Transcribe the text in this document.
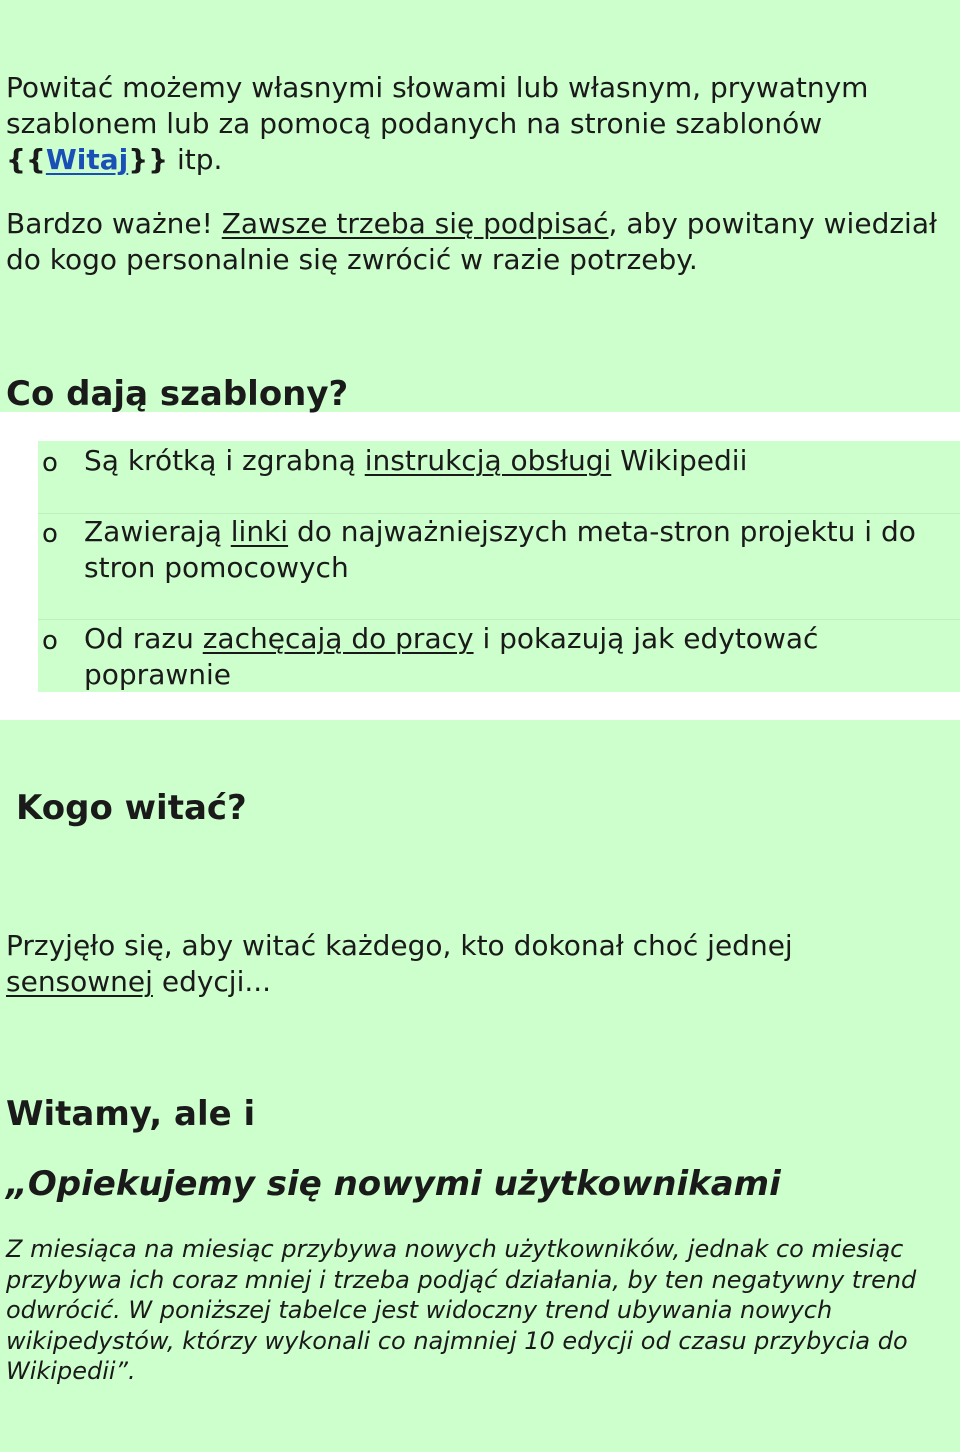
Powitać możemy własnymi słowami lub własnym, prywatnym szablonem lub za pomocą podanych na stronie szablonów {{Witaj}} itp.

Bardzo ważne! Zawsze trzeba się podpisać, aby powitany wiedział do kogo personalnie się zwrócić w razie potrzeby.

Co dają szablony?
o Są krótką i zgrabną instrukcją obsługi Wikipedii
o Zawierają linki do najważniejszych meta-stron projektu i do stron pomocowych
o Od razu zachęcają do pracy i pokazują jak edytować poprawnie
Kogo witać?

Przyjęło się, aby witać każdego, kto dokonał choć jednej sensownej edycji...

Witamy, ale i
„Opiekujemy się nowymi użytkownikami

Z miesiąca na miesiąc przybywa nowych użytkowników, jednak co miesiąc przybywa ich coraz mniej i trzeba podjąć działania, by ten negatywny trend odwrócić. W poniższej tabelce jest widoczny trend ubywania nowych wikipedystów, którzy wykonali co najmniej 10 edycji od czasu przybycia do Wikipedii”.
